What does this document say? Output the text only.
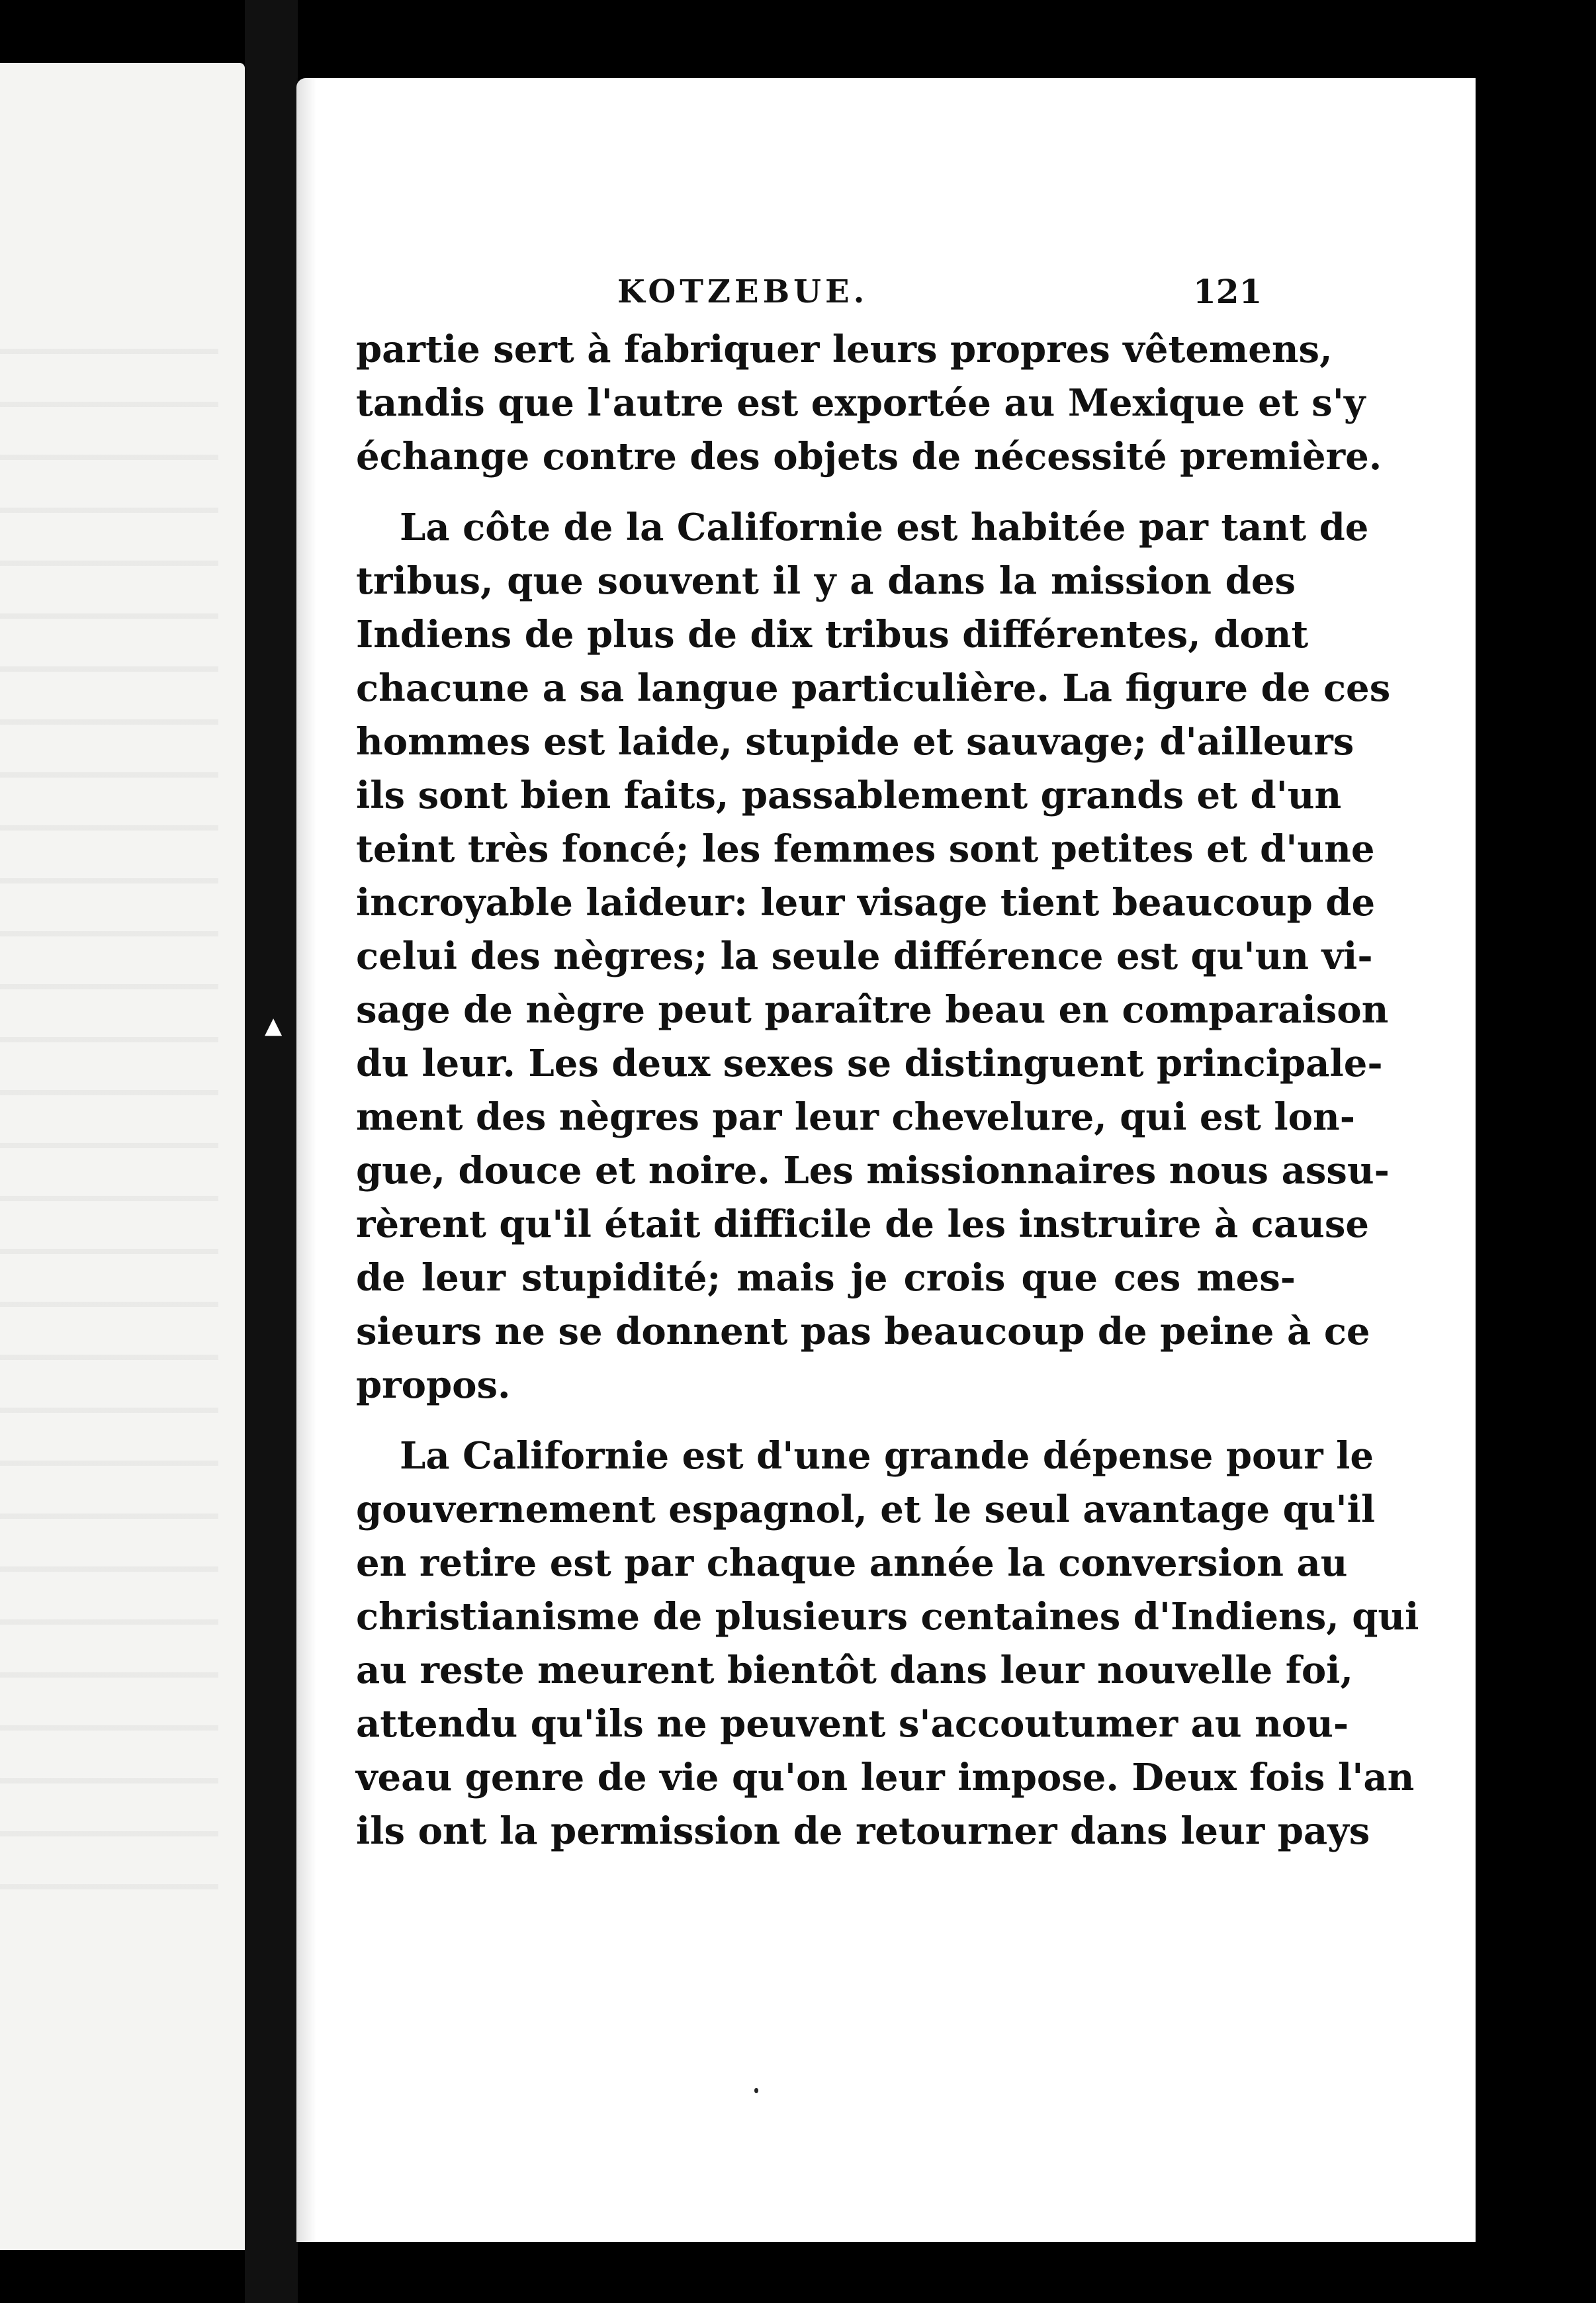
▲
KOTZEBUE.	121
partie sert à fabriquer leurs propres vêtemens,
tandis que l'autre est exportée au Mexique et s'y
échange contre des objets de nécessité première.
La côte de la Californie est habitée par tant de
tribus, que souvent il y a dans la mission des
Indiens de plus de dix tribus différentes, dont
chacune a sa langue particulière. La figure de ces
hommes est laide, stupide et sauvage; d'ailleurs
ils sont bien faits, passablement grands et d'un
teint très foncé; les femmes sont petites et d'une
incroyable laideur: leur visage tient beaucoup de
celui des nègres; la seule différence est qu'un vi-
sage de nègre peut paraître beau en comparaison
du leur. Les deux sexes se distinguent principale-
ment des nègres par leur chevelure, qui est lon-
gue, douce et noire. Les missionnaires nous assu-
rèrent qu'il était difficile de les instruire à cause
de leur stupidité; mais je crois que ces mes-
sieurs ne se donnent pas beaucoup de peine à ce
propos.
La Californie est d'une grande dépense pour le
gouvernement espagnol, et le seul avantage qu'il
en retire est par chaque année la conversion au
christianisme de plusieurs centaines d'Indiens, qui
au reste meurent bientôt dans leur nouvelle foi,
attendu qu'ils ne peuvent s'accoutumer au nou-
veau genre de vie qu'on leur impose. Deux fois l'an
ils ont la permission de retourner dans leur pays
